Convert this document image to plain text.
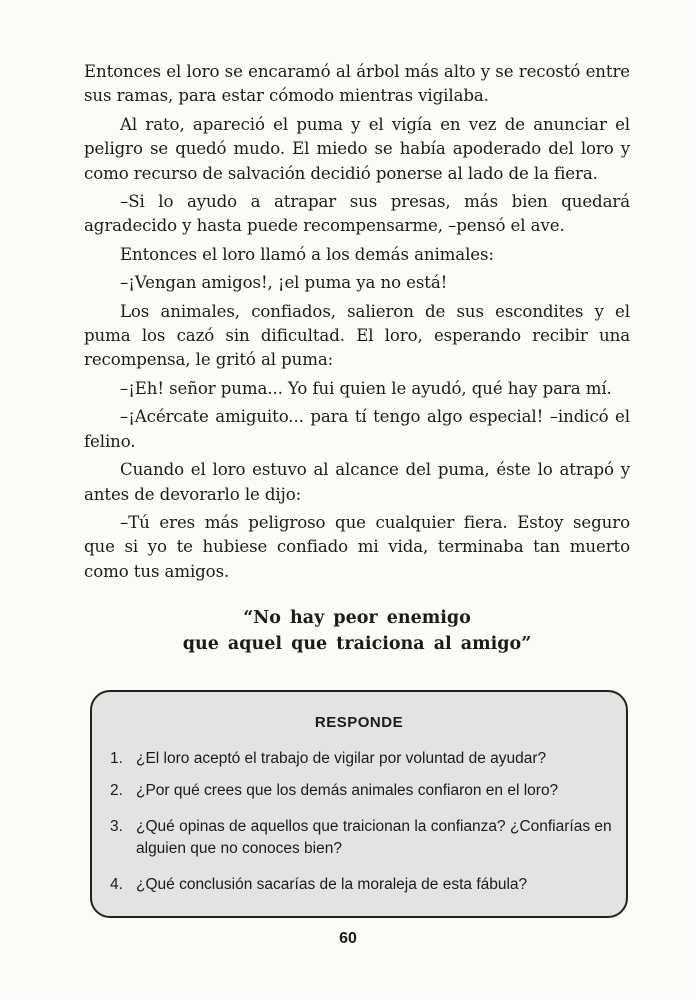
Entonces el loro se encaramó al árbol más alto y se recostó entre sus ramas, para estar cómodo mientras vigilaba.

Al rato, apareció el puma y el vigía en vez de anunciar el peligro se quedó mudo. El miedo se había apoderado del loro y como recurso de salvación decidió ponerse al lado de la fiera.

–Si lo ayudo a atrapar sus presas, más bien quedará agradecido y hasta puede recompensarme, –pensó el ave.

Entonces el loro llamó a los demás animales:

–¡Vengan amigos!, ¡el puma ya no está!

Los animales, confiados, salieron de sus escondites y el puma los cazó sin dificultad. El loro, esperando recibir una recompensa, le gritó al puma:

–¡Eh! señor puma... Yo fui quien le ayudó, qué hay para mí.

–¡Acércate amiguito... para tí tengo algo especial! –indicó el felino.

Cuando el loro estuvo al alcance del puma, éste lo atrapó y antes de devorarlo le dijo:

–Tú eres más peligroso que cualquier fiera. Estoy seguro que si yo te hubiese confiado mi vida, terminaba tan muerto como tus amigos.

“No hay peor enemigo
que aquel que traiciona al amigo”
RESPONDE
1. ¿El loro aceptó el trabajo de vigilar por voluntad de ayudar?
2. ¿Por qué crees que los demás animales confiaron en el loro?
3. ¿Qué opinas de aquellos que traicionan la confianza? ¿Confiarías en alguien que no conoces bien?
4. ¿Qué conclusión sacarías de la moraleja de esta fábula?
60
